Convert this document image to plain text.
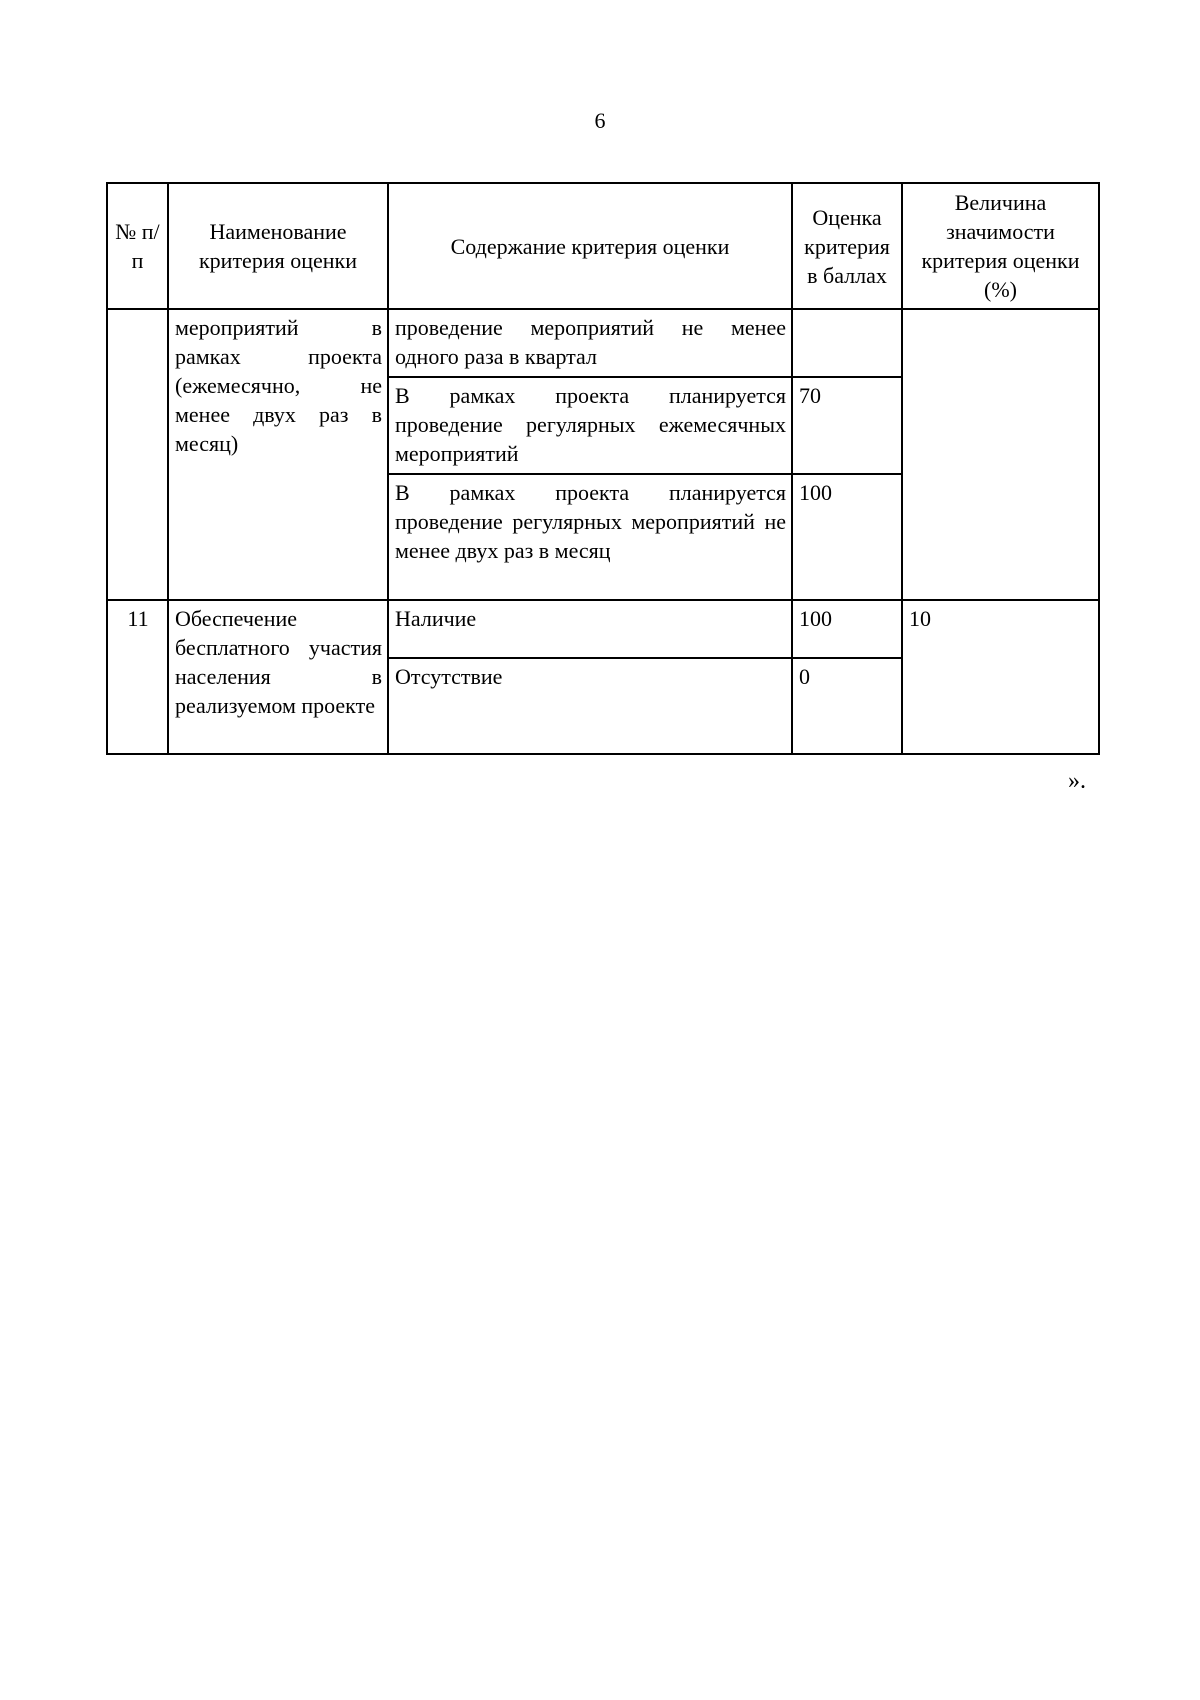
6
№ п/п	Наименование критерия оценки	Содержание критерия оценки	Оценка критерия в баллах	Величина значимости критерия оценки (%)
	мероприятий в рамках проекта (ежемесячно, не менее двух раз в месяц)	проведение мероприятий не менее одного раза в квартал		
		В рамках проекта планируется проведение регулярных ежемесячных мероприятий	70	
		В рамках проекта планируется проведение регулярных мероприятий не менее двух раз в месяц	100	
11	Обеспечение бесплатного участия населения в реализуемом проекте	Наличие	100	10
		Отсутствие	0	
».
